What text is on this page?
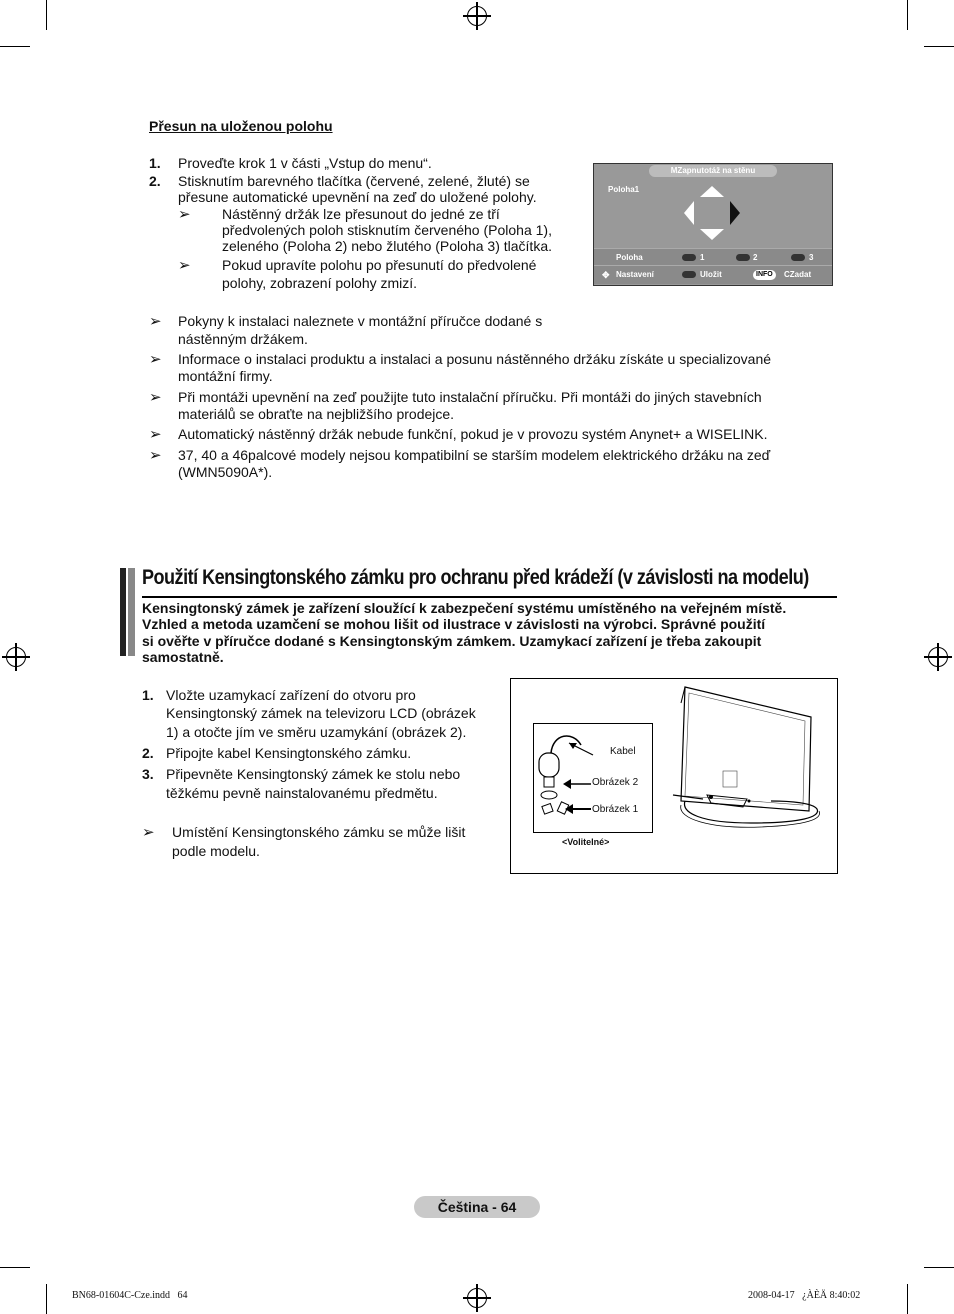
Přesun na uloženou polohu
1. Proveďte krok 1 v části „Vstup do menu“.
2. Stisknutím barevného tlačítka (červené, zelené, žluté) se
přesune automatické upevnění na zeď do uložené polohy.
➢ Nástěnný držák lze přesunout do jedné ze tří
předvolených poloh stisknutím červeného (Poloha 1),
zeleného (Poloha 2) nebo žlutého (Poloha 3) tlačítka.
➢ Pokud upravíte polohu po přesunutí do předvolené
polohy, zobrazení polohy zmizí.
MZapnutotáž na stěnu
Poloha1
Poloha	1	2	3
✥ Nastavení	Uložit	INFO	CZadat
➢ Pokyny k instalaci naleznete v montážní příručce dodané s
nástěnným držákem.
➢ Informace o instalaci produktu a instalaci a posunu nástěnného držáku získáte u specializované
montážní firmy.
➢ Při montáži upevnění na zeď použijte tuto instalační příručku. Při montáži do jiných stavebních
materiálů se obraťte na nejbližšího prodejce.
➢ Automatický nástěnný držák nebude funkční, pokud je v provozu systém Anynet+ a WISELINK.
➢ 37, 40 a 46palcové modely nejsou kompatibilní se starším modelem elektrického držáku na zeď
(WMN5090A*).
Použití Kensingtonského zámku pro ochranu před krádeží (v závislosti na modelu)
Kensingtonský zámek je zařízení sloužící k zabezpečení systému umístěného na veřejném místě.
Vzhled a metoda uzamčení se mohou lišit od ilustrace v závislosti na výrobci. Správné použití
si ověřte v příručce dodané s Kensingtonským zámkem. Uzamykací zařízení je třeba zakoupit
samostatně.
1. Vložte uzamykací zařízení do otvoru pro
Kensingtonský zámek na televizoru LCD (obrázek
1) a otočte jím ve směru uzamykání (obrázek 2).
2. Připojte kabel Kensingtonského zámku.
3. Připevněte Kensingtonský zámek ke stolu nebo
těžkému pevně nainstalovanému předmětu.
➢ Umístění Kensingtonského zámku se může lišit
podle modelu.
Kabel
Obrázek 2
Obrázek 1
<Volitelné>
Čeština - 64
BN68-01604C-Cze.indd   64	2008-04-17   ¿ÀÈÄ 8:40:02
